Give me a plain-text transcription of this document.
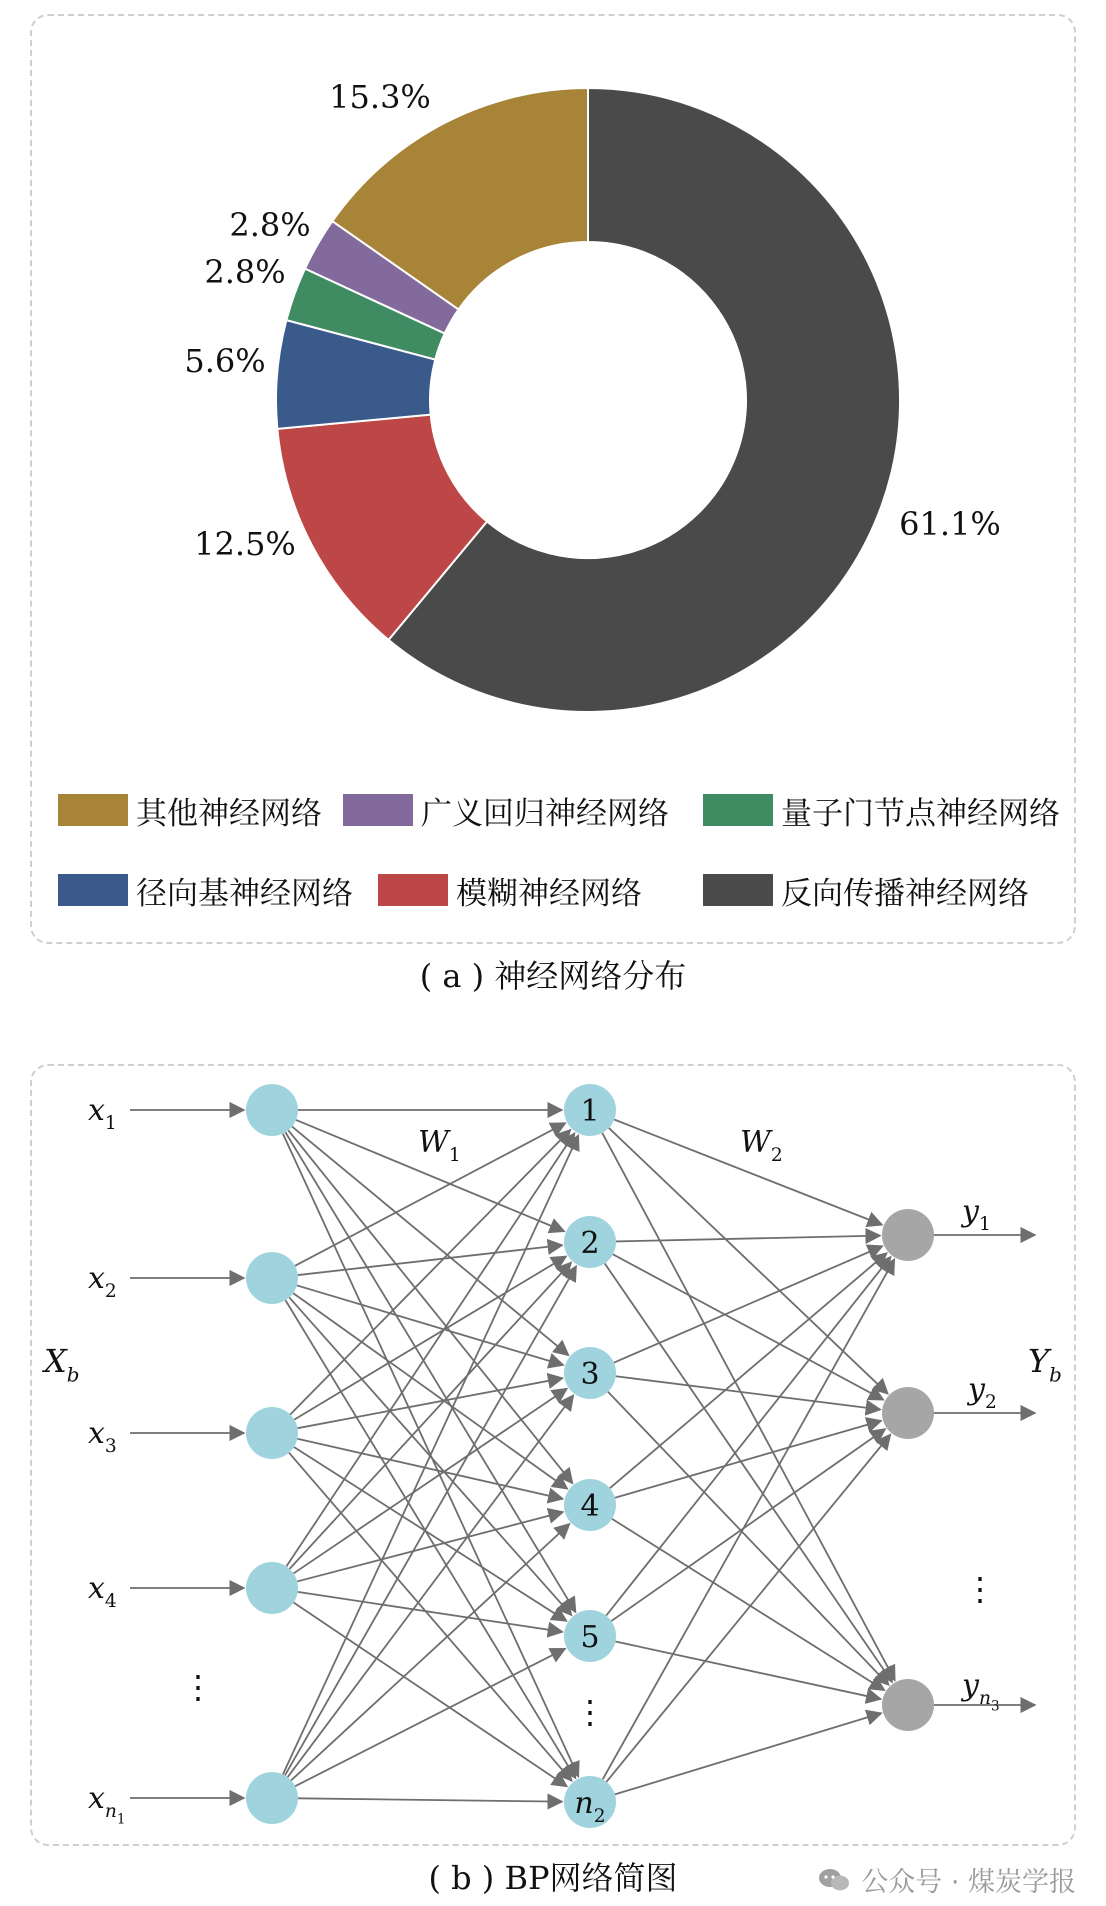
61.1%
12.5%
5.6%
2.8%
2.8%
15.3%
其他神经网络	广义回归神经网络	量子门节点神经网络
径向基神经网络	模糊神经网络	反向传播神经网络
( a ) 神经网络分布
$x_1$
$x_2$
$x_3$
$x_4$
$x_{n1}$
1
2
3
4
5
$n_2$
$y_1$
$y_2$
$y_{n3}$
$W_1$	$W_2$
$X_b$	$Y_b$
⋮
⋮
⋮
( b ) BP网络简图	公众号 · 煤炭学报
